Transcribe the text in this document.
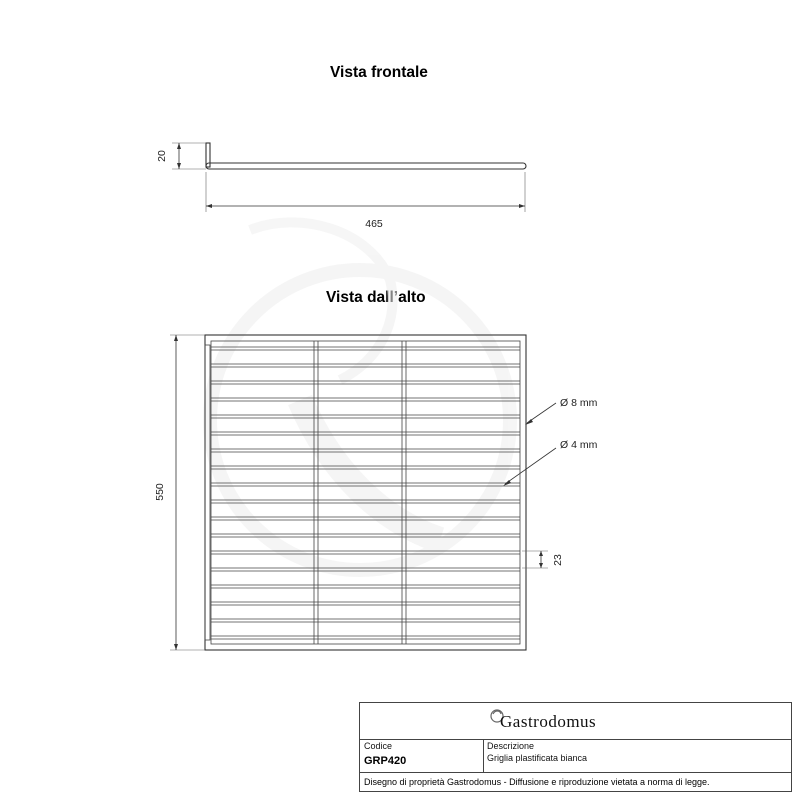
Vista frontale
Vista dall’alto
20
465
550
Ø 8 mm
Ø 4 mm
23
Gastrodomus
Codice
GRP420
Descrizione
Griglia plastificata bianca
Disegno di proprietà Gastrodomus - Diffusione e riproduzione vietata a norma di legge.
